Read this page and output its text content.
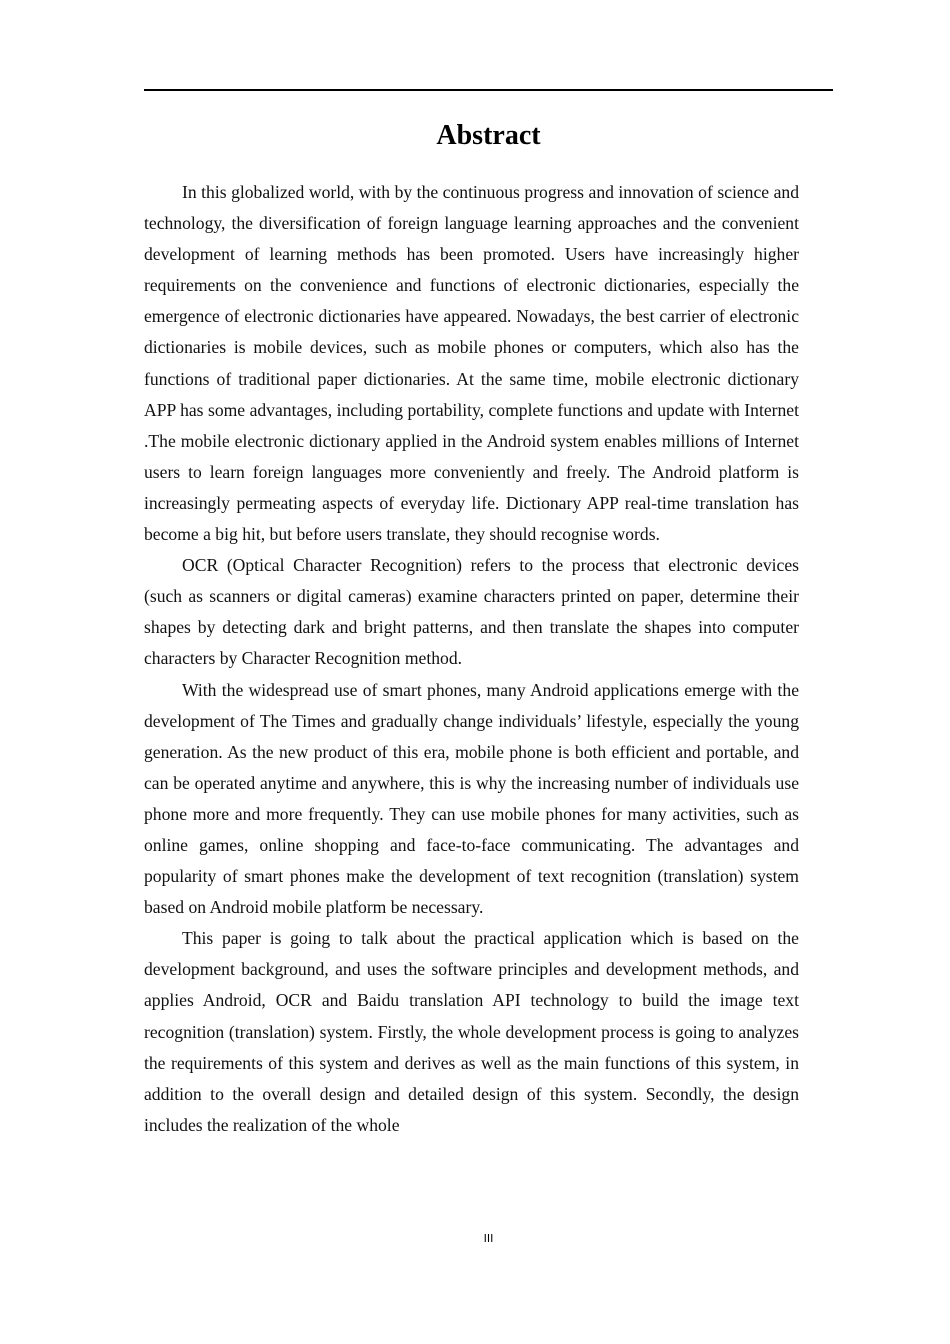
Abstract

In this globalized world, with by the continuous progress and innovation of science and technology, the diversification of foreign language learning approaches and the convenient development of learning methods has been promoted. Users have increasingly higher requirements on the convenience and functions of electronic dictionaries, especially the emergence of electronic dictionaries have appeared. Nowadays, the best carrier of electronic dictionaries is mobile devices, such as mobile phones or computers, which also has the functions of traditional paper dictionaries. At the same time, mobile electronic dictionary APP has some advantages, including portability, complete functions and update with Internet .The mobile electronic dictionary applied in the Android system enables millions of Internet users to learn foreign languages more conveniently and freely. The Android platform is increasingly permeating aspects of everyday life. Dictionary APP real-time translation has become a big hit, but before users translate, they should recognise words.

OCR (Optical Character Recognition) refers to the process that electronic devices (such as scanners or digital cameras) examine characters printed on paper, determine their shapes by detecting dark and bright patterns, and then translate the shapes into computer characters by Character Recognition method.

With the widespread use of smart phones, many Android applications emerge with the development of The Times and gradually change individuals’ lifestyle, especially the young generation. As the new product of this era, mobile phone is both efficient and portable, and can be operated anytime and anywhere, this is why the increasing number of individuals use phone more and more frequently. They can use mobile phones for many activities, such as online games, online shopping and face-to-face communicating. The advantages and popularity of smart phones make the development of text recognition (translation) system based on Android mobile platform be necessary.

This paper is going to talk about the practical application which is based on the development background, and uses the software principles and development methods, and applies Android, OCR and Baidu translation API technology to build the image text recognition (translation) system. Firstly, the whole development process is going to analyzes the requirements of this system and derives as well as the main functions of this system, in addition to the overall design and detailed design of this system. Secondly, the design includes the realization of the whole

III
